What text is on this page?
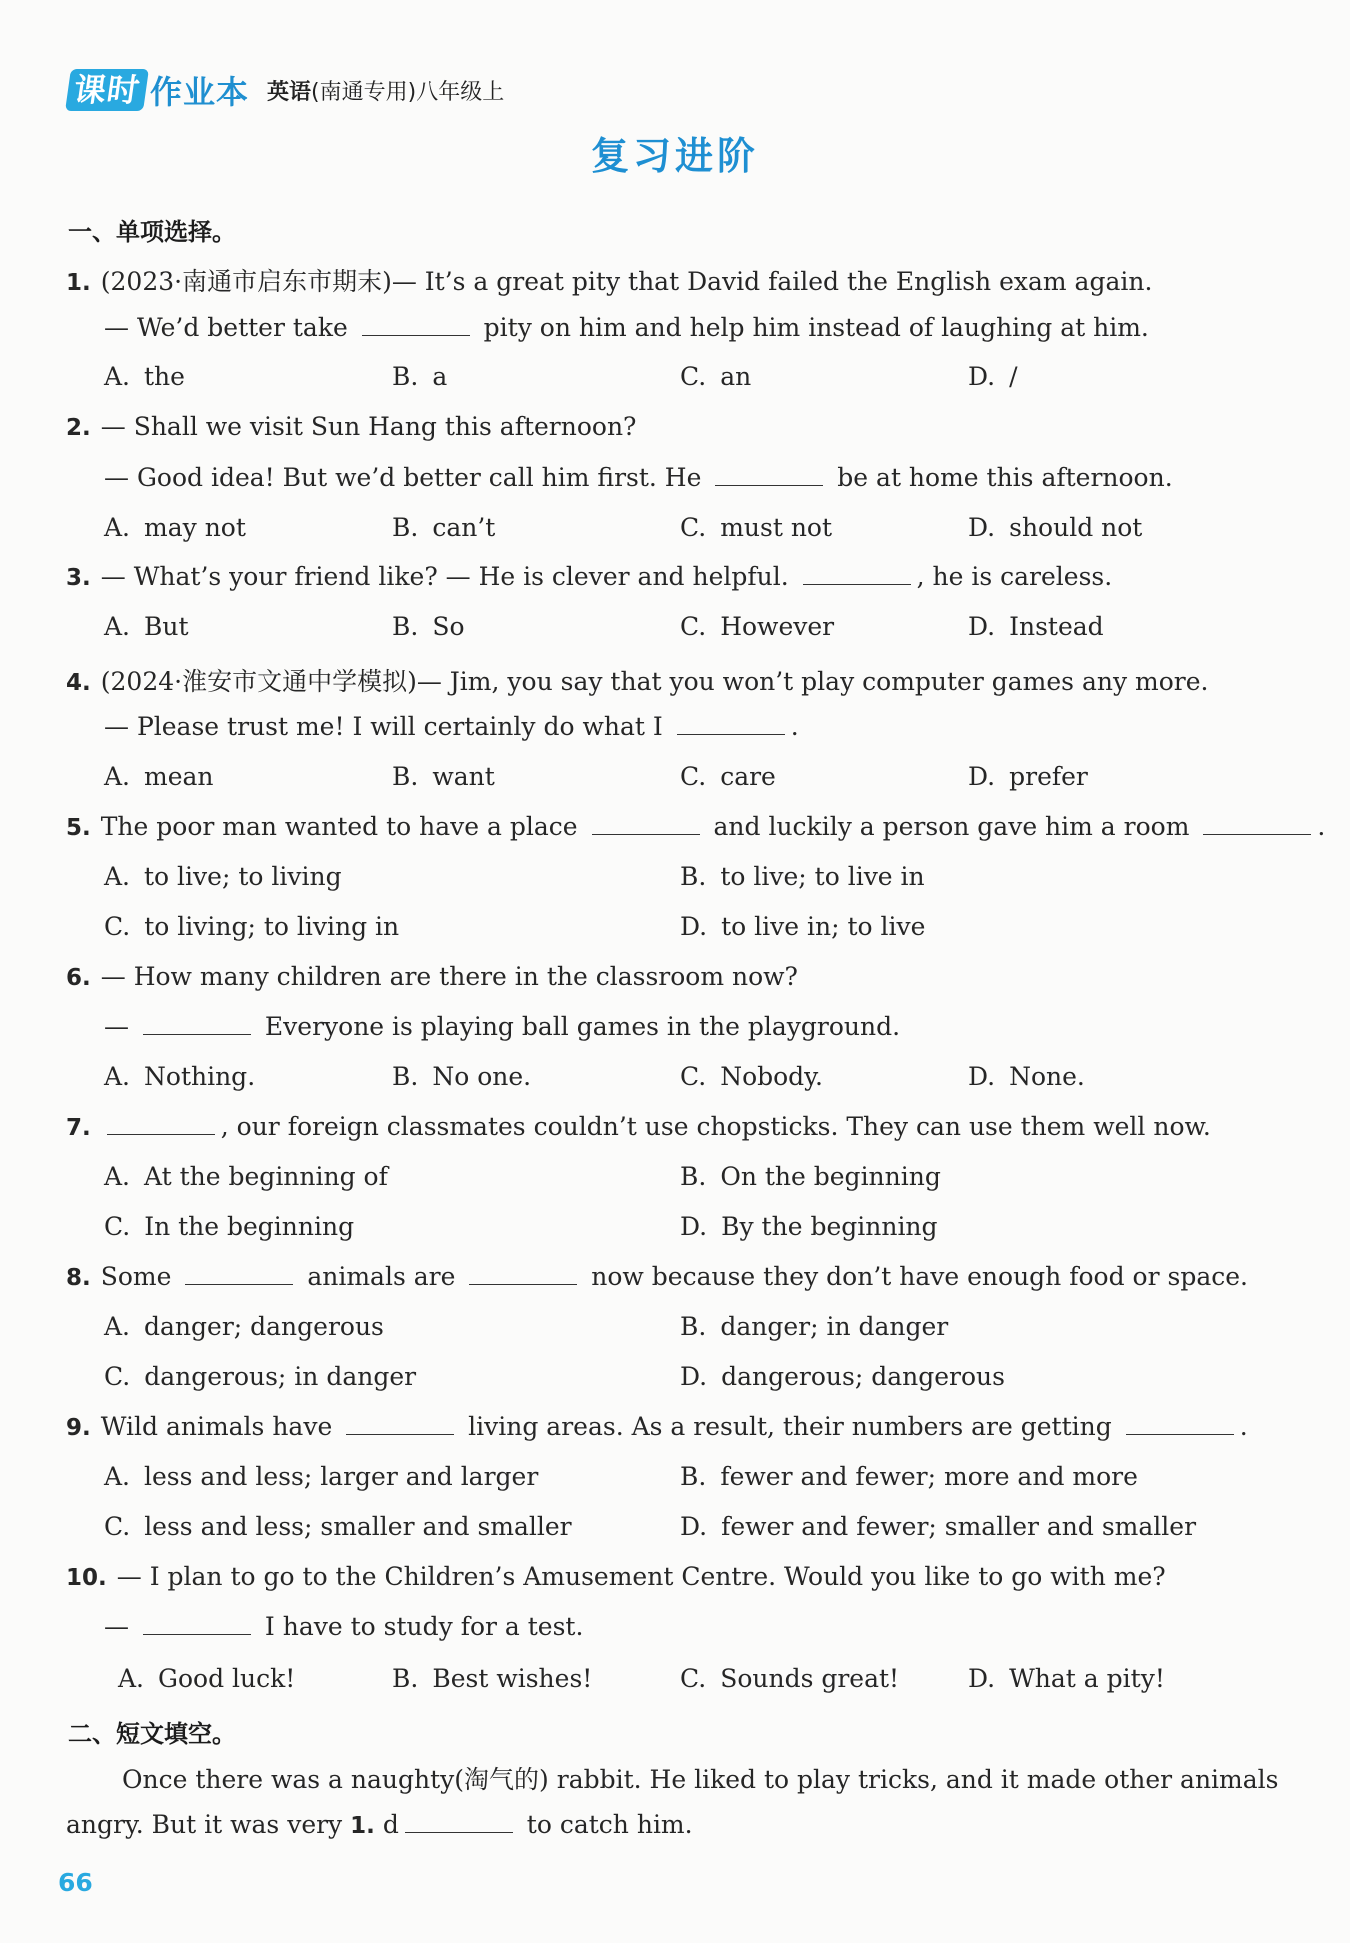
课时 作业本 英语(南通专用)八年级上
复习进阶
一、单项选择。
1. (2023·南通市启东市期末)— It’s a great pity that David failed the English exam again.
— We’d better take	pity on him and help him instead of laughing at him.
A. the	B. a	C. an	D. /
2. — Shall we visit Sun Hang this afternoon?
— Good idea! But we’d better call him first. He	be at home this afternoon.
A. may not	B. can’t	C. must not	D. should not
3. — What’s your friend like? — He is clever and helpful.	, he is careless.
A. But	B. So	C. However	D. Instead
4. (2024·淮安市文通中学模拟)— Jim, you say that you won’t play computer games any more.
— Please trust me! I will certainly do what I	.
A. mean	B. want	C. care	D. prefer
5. The poor man wanted to have a place	and luckily a person gave him a room	.
A. to live; to living	B. to live; to live in
C. to living; to living in	D. to live in; to live
6. — How many children are there in the classroom now?
—	Everyone is playing ball games in the playground.
A. Nothing.	B. No one.	C. Nobody.	D. None.
7.	, our foreign classmates couldn’t use chopsticks. They can use them well now.
A. At the beginning of	B. On the beginning
C. In the beginning	D. By the beginning
8. Some	animals are	now because they don’t have enough food or space.
A. danger; dangerous	B. danger; in danger
C. dangerous; in danger	D. dangerous; dangerous
9. Wild animals have	living areas. As a result, their numbers are getting	.
A. less and less; larger and larger	B. fewer and fewer; more and more
C. less and less; smaller and smaller	D. fewer and fewer; smaller and smaller
10. — I plan to go to the Children’s Amusement Centre. Would you like to go with me?
—	I have to study for a test.
A. Good luck!	B. Best wishes!	C. Sounds great!	D. What a pity!
二、短文填空。
Once there was a naughty(淘气的) rabbit. He liked to play tricks, and it made other animals
angry. But it was very 1. d	to catch him.
66
